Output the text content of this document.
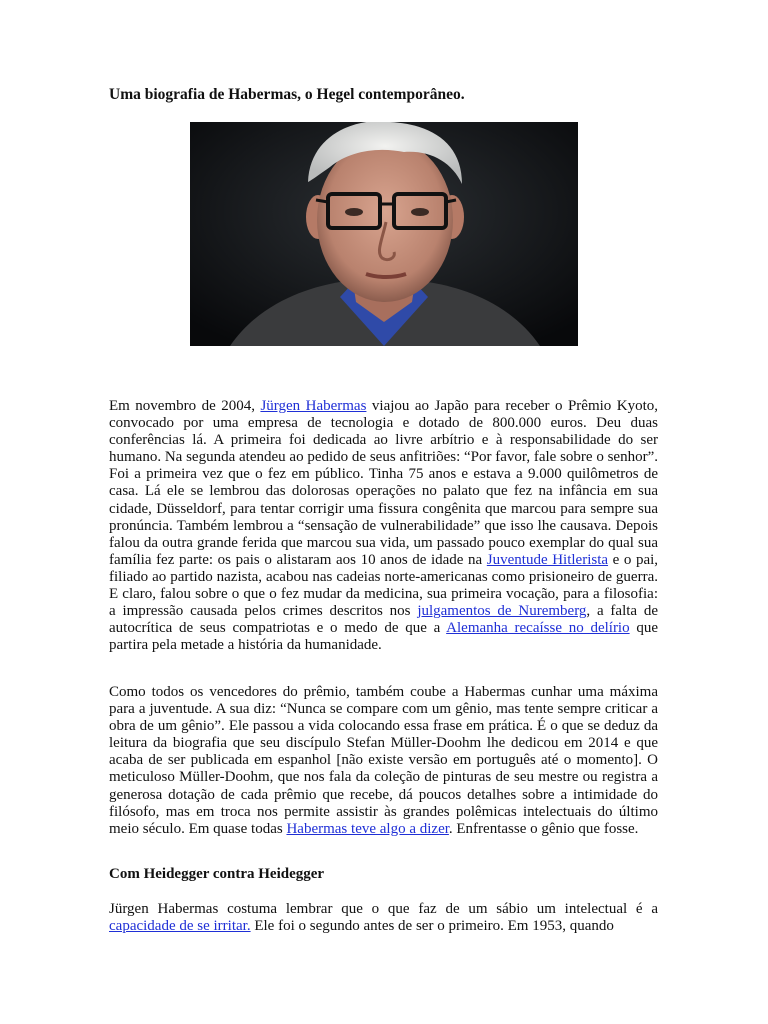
Uma biografia de Habermas, o Hegel contemporâneo.

Em novembro de 2004, Jürgen Habermas viajou ao Japão para receber o Prêmio Kyoto, convocado por uma empresa de tecnologia e dotado de 800.000 euros. Deu duas conferências lá. A primeira foi dedicada ao livre arbítrio e à responsabilidade do ser humano. Na segunda atendeu ao pedido de seus anfitriões: “Por favor, fale sobre o senhor”. Foi a primeira vez que o fez em público. Tinha 75 anos e estava a 9.000 quilômetros de casa. Lá ele se lembrou das dolorosas operações no palato que fez na infância em sua cidade, Düsseldorf, para tentar corrigir uma fissura congênita que marcou para sempre sua pronúncia. Também lembrou a “sensação de vulnerabilidade” que isso lhe causava. Depois falou da outra grande ferida que marcou sua vida, um passado pouco exemplar do qual sua família fez parte: os pais o alistaram aos 10 anos de idade na Juventude Hitlerista e o pai, filiado ao partido nazista, acabou nas cadeias norte-americanas como prisioneiro de guerra. E claro, falou sobre o que o fez mudar da medicina, sua primeira vocação, para a filosofia: a impressão causada pelos crimes descritos nos julgamentos de Nuremberg, a falta de autocrítica de seus compatriotas e o medo de que a Alemanha recaísse no delírio que partira pela metade a história da humanidade.

Como todos os vencedores do prêmio, também coube a Habermas cunhar uma máxima para a juventude. A sua diz: “Nunca se compare com um gênio, mas tente sempre criticar a obra de um gênio”. Ele passou a vida colocando essa frase em prática. É o que se deduz da leitura da biografia que seu discípulo Stefan Müller-Doohm lhe dedicou em 2014 e que acaba de ser publicada em espanhol [não existe versão em português até o momento]. O meticuloso Müller-Doohm, que nos fala da coleção de pinturas de seu mestre ou registra a generosa dotação de cada prêmio que recebe, dá poucos detalhes sobre a intimidade do filósofo, mas em troca nos permite assistir às grandes polêmicas intelectuais do último meio século. Em quase todas Habermas teve algo a dizer. Enfrentasse o gênio que fosse.

Com Heidegger contra Heidegger

Jürgen Habermas costuma lembrar que o que faz de um sábio um intelectual é a capacidade de se irritar. Ele foi o segundo antes de ser o primeiro. Em 1953, quando
